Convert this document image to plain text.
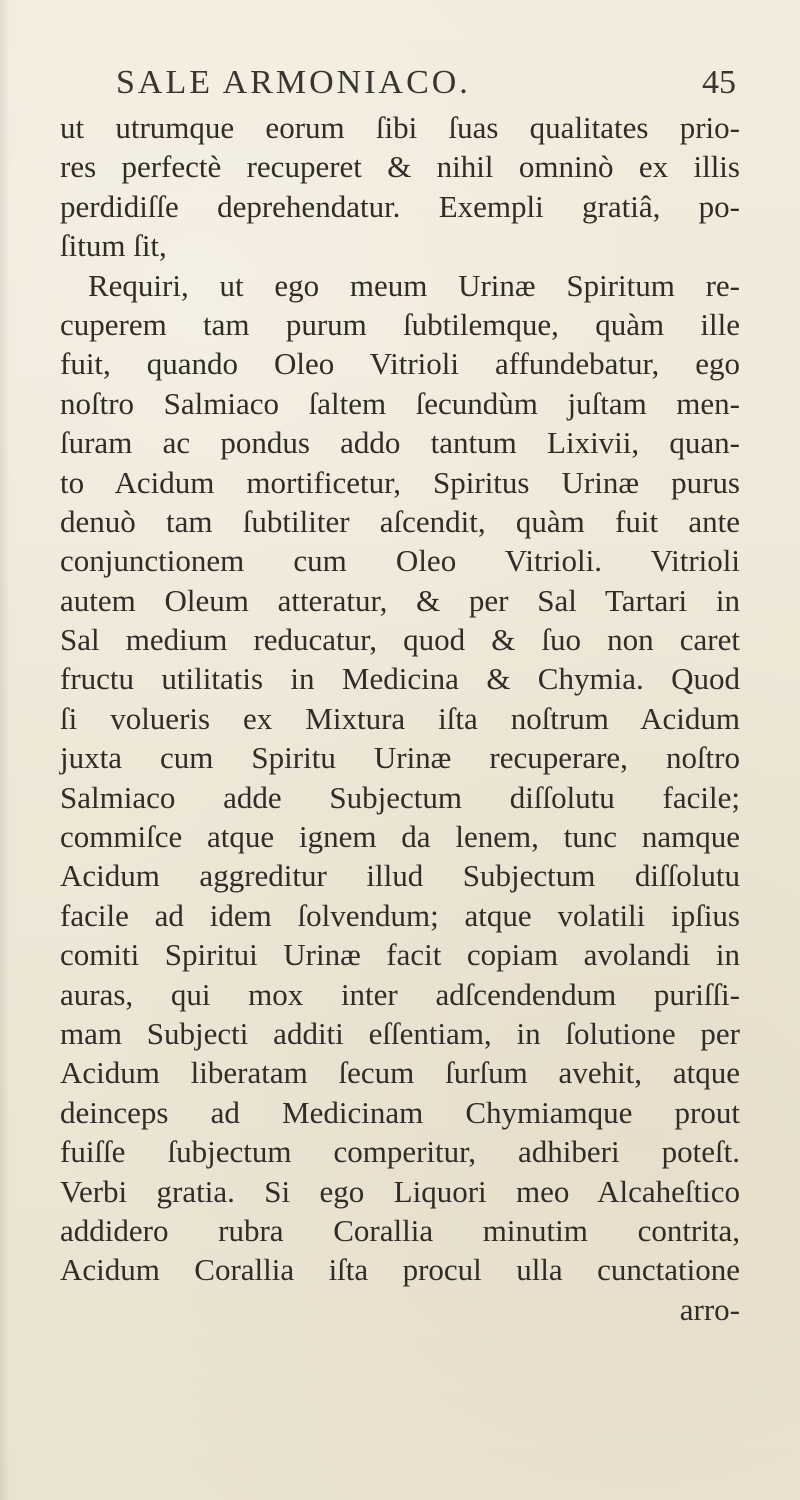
SALE ARMONIACO.	45
ut utrumque eorum ſibi ſuas qualitates prio-
res perfectè recuperet & nihil omninò ex illis
perdidiſſe deprehendatur. Exempli gratiâ, po-
ſitum ſit,
Requiri, ut ego meum Urinæ Spiritum re-
cuperem tam purum ſubtilemque, quàm ille
fuit, quando Oleo Vitrioli affundebatur, ego
noſtro Salmiaco ſaltem ſecundùm juſtam men-
ſuram ac pondus addo tantum Lixivii, quan-
to Acidum mortificetur, Spiritus Urinæ purus
denuò tam ſubtiliter aſcendit, quàm fuit ante
conjunctionem cum Oleo Vitrioli. Vitrioli
autem Oleum atteratur, & per Sal Tartari in
Sal medium reducatur, quod & ſuo non caret
fructu utilitatis in Medicina & Chymia. Quod
ſi volueris ex Mixtura iſta noſtrum Acidum
juxta cum Spiritu Urinæ recuperare, noſtro
Salmiaco adde Subjectum diſſolutu facile;
commiſce atque ignem da lenem, tunc namque
Acidum aggreditur illud Subjectum diſſolutu
facile ad idem ſolvendum; atque volatili ipſius
comiti Spiritui Urinæ facit copiam avolandi in
auras, qui mox inter adſcendendum puriſſi-
mam Subjecti additi eſſentiam, in ſolutione per
Acidum liberatam ſecum ſurſum avehit, atque
deinceps ad Medicinam Chymiamque prout
fuiſſe ſubjectum comperitur, adhiberi poteſt.
Verbi gratia. Si ego Liquori meo Alcaheſtico
addidero rubra Corallia minutim contrita,
Acidum Corallia iſta procul ulla cunctatione
arro-
